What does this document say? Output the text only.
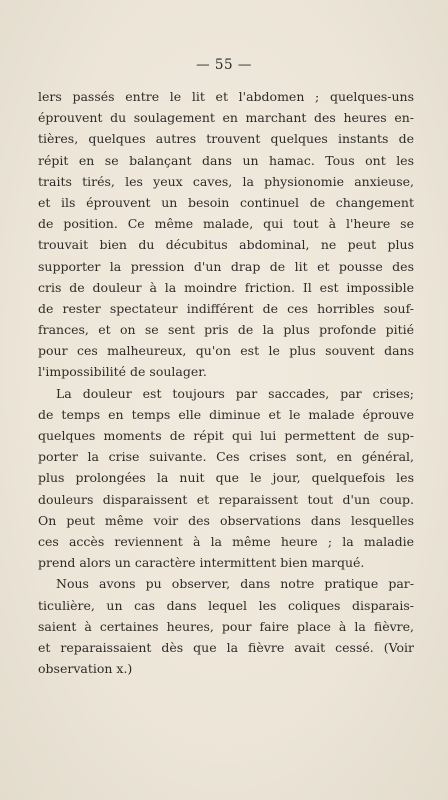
— 55 —

lers passés entre le lit et l'abdomen ; quelques-uns
éprouvent du soulagement en marchant des heures en-
tières, quelques autres trouvent quelques instants de
répit en se balançant dans un hamac. Tous ont les
traits tirés, les yeux caves, la physionomie anxieuse,
et ils éprouvent un besoin continuel de changement
de position. Ce même malade, qui tout à l'heure se
trouvait bien du décubitus abdominal, ne peut plus
supporter la pression d'un drap de lit et pousse des
cris de douleur à la moindre friction. Il est impossible
de rester spectateur indifférent de ces horribles souf-
frances, et on se sent pris de la plus profonde pitié
pour ces malheureux, qu'on est le plus souvent dans
l'impossibilité de soulager.
La douleur est toujours par saccades, par crises;
de temps en temps elle diminue et le malade éprouve
quelques moments de répit qui lui permettent de sup-
porter la crise suivante. Ces crises sont, en général,
plus prolongées la nuit que le jour, quelquefois les
douleurs disparaissent et reparaissent tout d'un coup.
On peut même voir des observations dans lesquelles
ces accès reviennent à la même heure ; la maladie
prend alors un caractère intermittent bien marqué.
Nous avons pu observer, dans notre pratique par-
ticulière, un cas dans lequel les coliques disparais-
saient à certaines heures, pour faire place à la fièvre,
et reparaissaient dès que la fièvre avait cessé. (Voir
observation x.)
